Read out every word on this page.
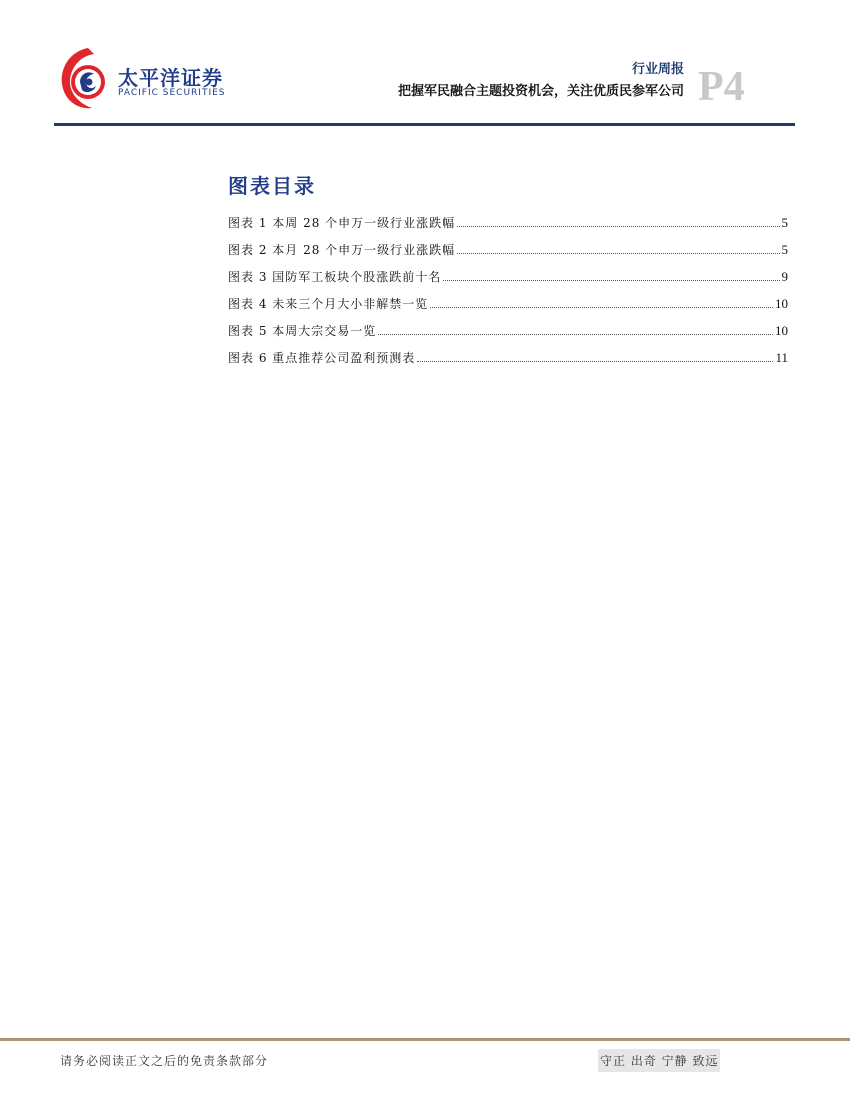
太平洋证券
PACIFIC SECURITIES
行业周报
把握军民融合主题投资机会，关注优质民参军公司 P4
图表目录
图表 1 本周 28 个申万一级行业涨跌幅	5
图表 2 本月 28 个申万一级行业涨跌幅	5
图表 3 国防军工板块个股涨跌前十名	9
图表 4 未来三个月大小非解禁一览	10
图表 5 本周大宗交易一览	10
图表 6 重点推荐公司盈利预测表	11
请务必阅读正文之后的免责条款部分	守正 出奇 宁静 致远
